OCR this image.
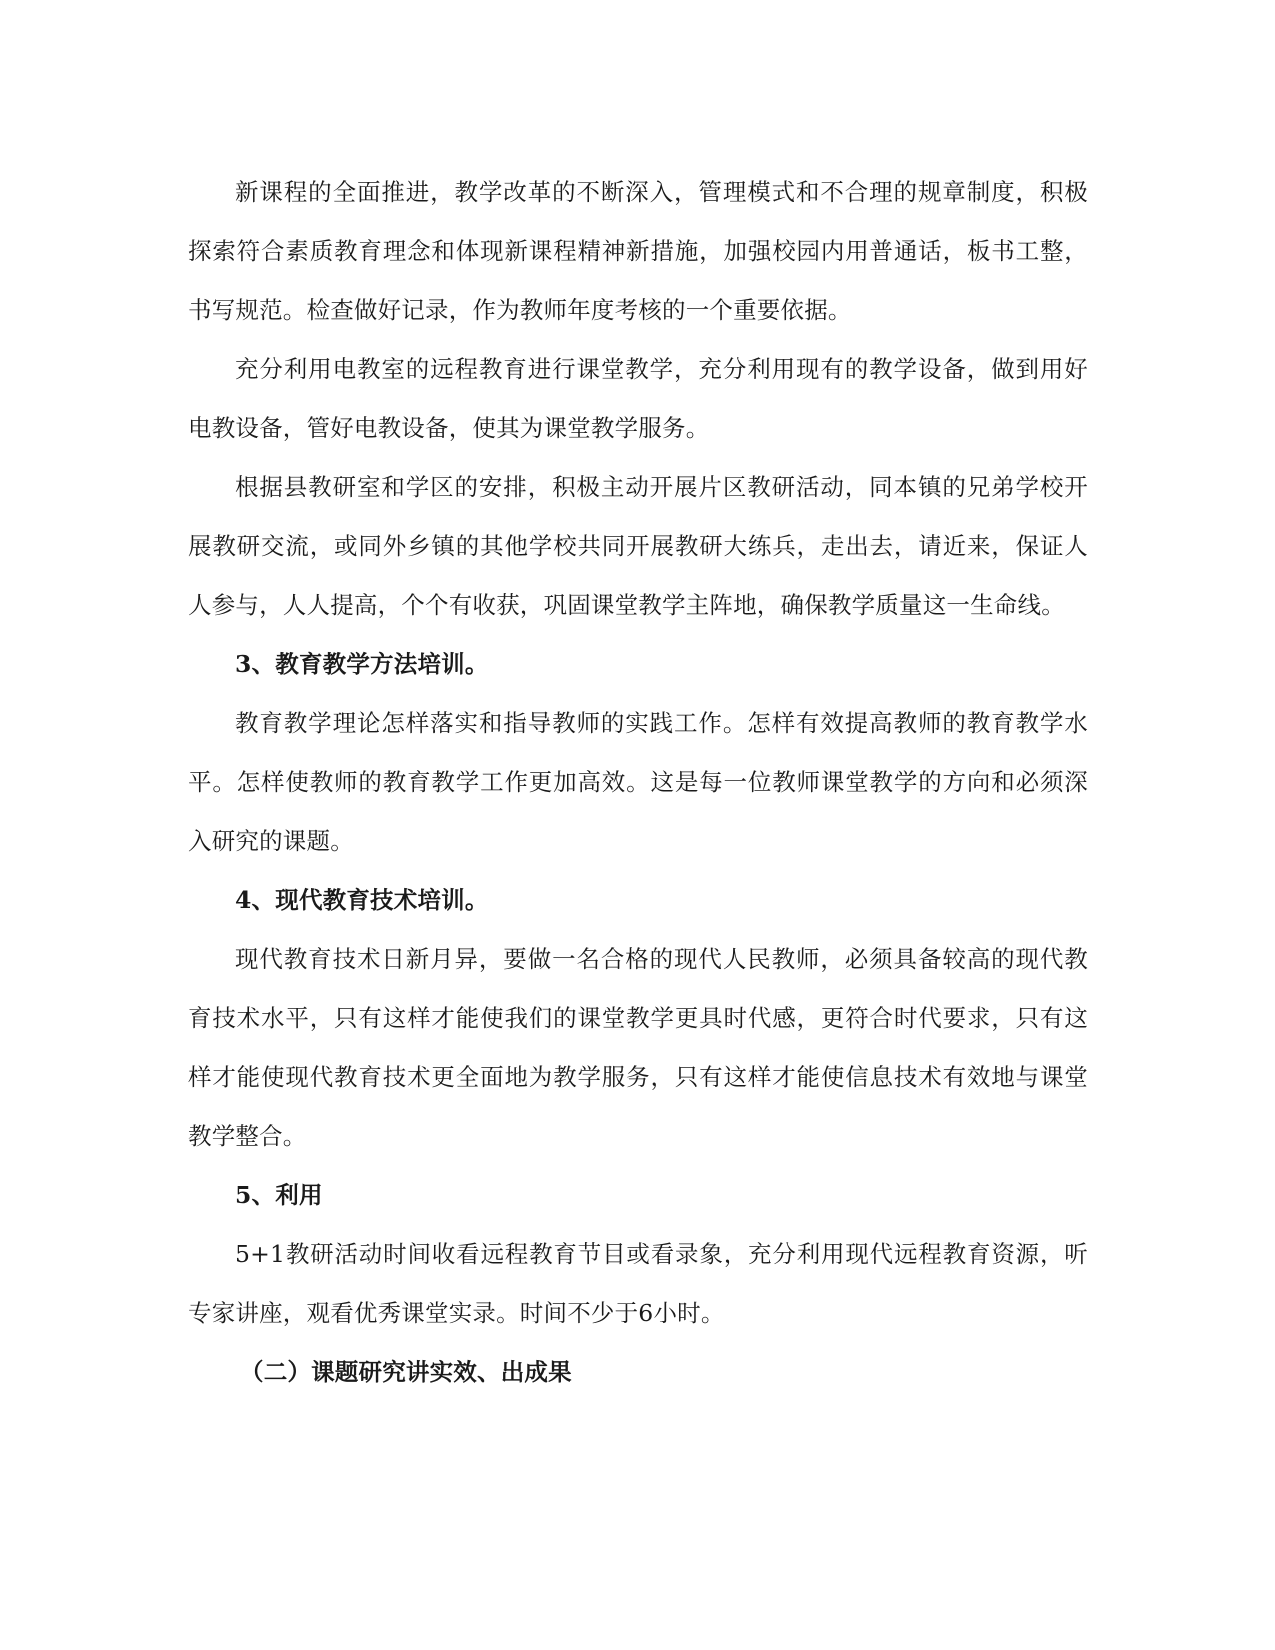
新课程的全面推进，教学改革的不断深入，管理模式和不合理的规章制度，积极探索符合素质教育理念和体现新课程精神新措施，加强校园内用普通话，板书工整，书写规范。检查做好记录，作为教师年度考核的一个重要依据。

充分利用电教室的远程教育进行课堂教学，充分利用现有的教学设备，做到用好电教设备，管好电教设备，使其为课堂教学服务。

根据县教研室和学区的安排，积极主动开展片区教研活动，同本镇的兄弟学校开展教研交流，或同外乡镇的其他学校共同开展教研大练兵，走出去，请近来，保证人人参与，人人提高，个个有收获，巩固课堂教学主阵地，确保教学质量这一生命线。

3、教育教学方法培训。

教育教学理论怎样落实和指导教师的实践工作。怎样有效提高教师的教育教学水平。怎样使教师的教育教学工作更加高效。这是每一位教师课堂教学的方向和必须深入研究的课题。

4、现代教育技术培训。

现代教育技术日新月异，要做一名合格的现代人民教师，必须具备较高的现代教育技术水平，只有这样才能使我们的课堂教学更具时代感，更符合时代要求，只有这样才能使现代教育技术更全面地为教学服务，只有这样才能使信息技术有效地与课堂教学整合。

5、利用

5+1教研活动时间收看远程教育节目或看录象，充分利用现代远程教育资源，听专家讲座，观看优秀课堂实录。时间不少于6小时。

（二）课题研究讲实效、出成果
